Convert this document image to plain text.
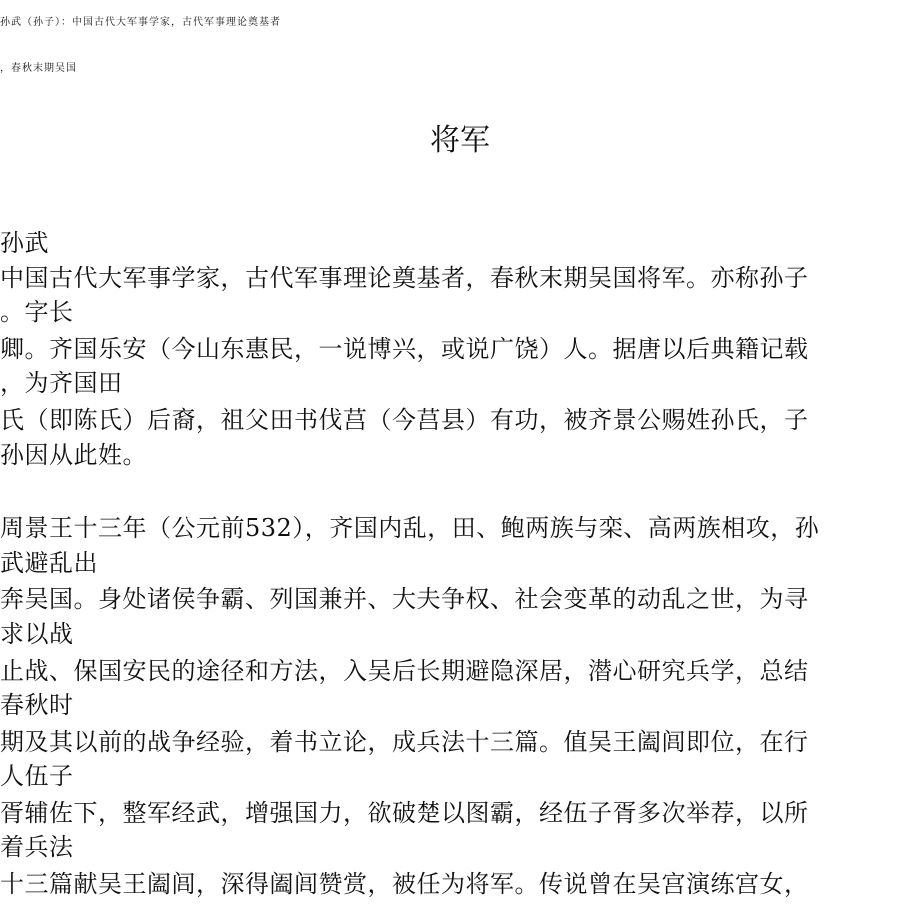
孙武（孙子）：中国古代大军事学家，古代军事理论奠基者
，春秋末期吴国
将军
孙武
中国古代大军事学家，古代军事理论奠基者，春秋末期吴国将军。亦称孙子
。字长
卿。齐国乐安（今山东惠民，一说博兴，或说广饶）人。据唐以后典籍记载
，为齐国田
氏（即陈氏）后裔，祖父田书伐莒（今莒县）有功，被齐景公赐姓孙氏，子
孙因从此姓。
周景王十三年（公元前532），齐国内乱，田、鲍两族与栾、高两族相攻，孙
武避乱出
奔吴国。身处诸侯争霸、列国兼并、大夫争权、社会变革的动乱之世，为寻
求以战
止战、保国安民的途径和方法，入吴后长期避隐深居，潜心研究兵学，总结
春秋时
期及其以前的战争经验，着书立论，成兵法十三篇。值吴王阖闾即位，在行
人伍子
胥辅佐下，整军经武，增强国力，欲破楚以图霸，经伍子胥多次举荐，以所
着兵法
十三篇献吴王阖闾，深得阖闾赞赏，被任为将军。传说曾在吴宫演练宫女，
